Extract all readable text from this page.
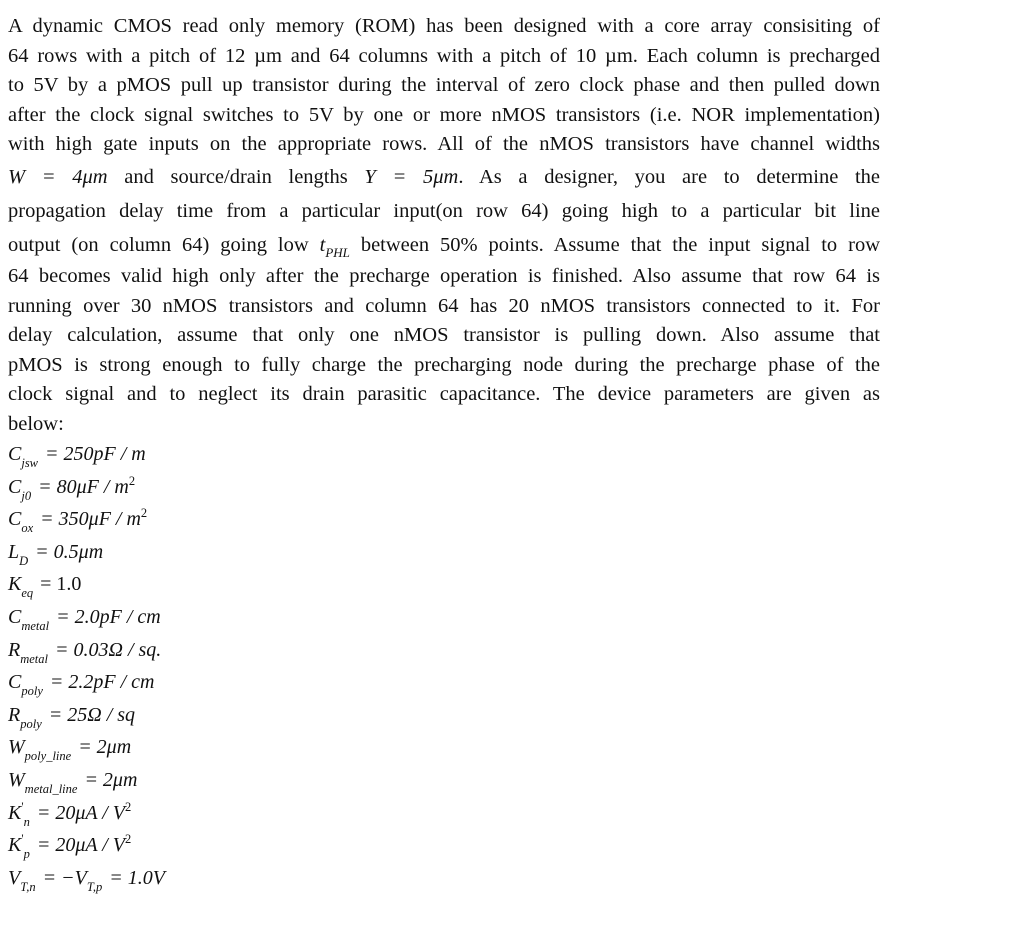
A dynamic CMOS read only memory (ROM) has been designed with a core array consisiting of
64 rows with a pitch of 12 µm and 64 columns with a pitch of 10 µm. Each column is precharged
to 5V by a pMOS pull up transistor during the interval of zero clock phase and then pulled down
after the clock signal switches to 5V by one or more nMOS transistors (i.e. NOR implementation)
with high gate inputs on the appropriate rows. All of the nMOS transistors have channel widths
W = 4μm and source/drain lengths Y = 5μm. As a designer, you are to determine the
propagation delay time from a particular input(on row 64) going high to a particular bit line
output (on column 64) going low $t_{PHL}$ between 50% points. Assume that the input signal to row
64 becomes valid high only after the precharge operation is finished. Also assume that row 64 is
running over 30 nMOS transistors and column 64 has 20 nMOS transistors connected to it. For
delay calculation, assume that only one nMOS transistor is pulling down. Also assume that
pMOS is strong enough to fully charge the precharging node during the precharge phase of the
clock signal and to neglect its drain parasitic capacitance. The device parameters are given as
below:
$C_{jsw} = 250pF / m$
$C_{j0} = 80\mu F / m^2$
$C_{ox} = 350\mu F / m^2$
$L_D = 0.5\mu m$
$K_{eq} = 1.0$
$C_{metal} = 2.0pF$ / cm
$R_{metal} = 0.03\Omega$ / sq.
$C_{poly} = 2.2pF$ / cm
$R_{poly} = 25\Omega$ / sq
$W_{poly\_line} = 2\mu m$
$W_{metal\_line} = 2\mu m$
$K'_n = 20\mu A / V^2$
$K'_p = 20\mu A / V^2$
$V_{T,n} = -V_{T,p} = 1.0V$
